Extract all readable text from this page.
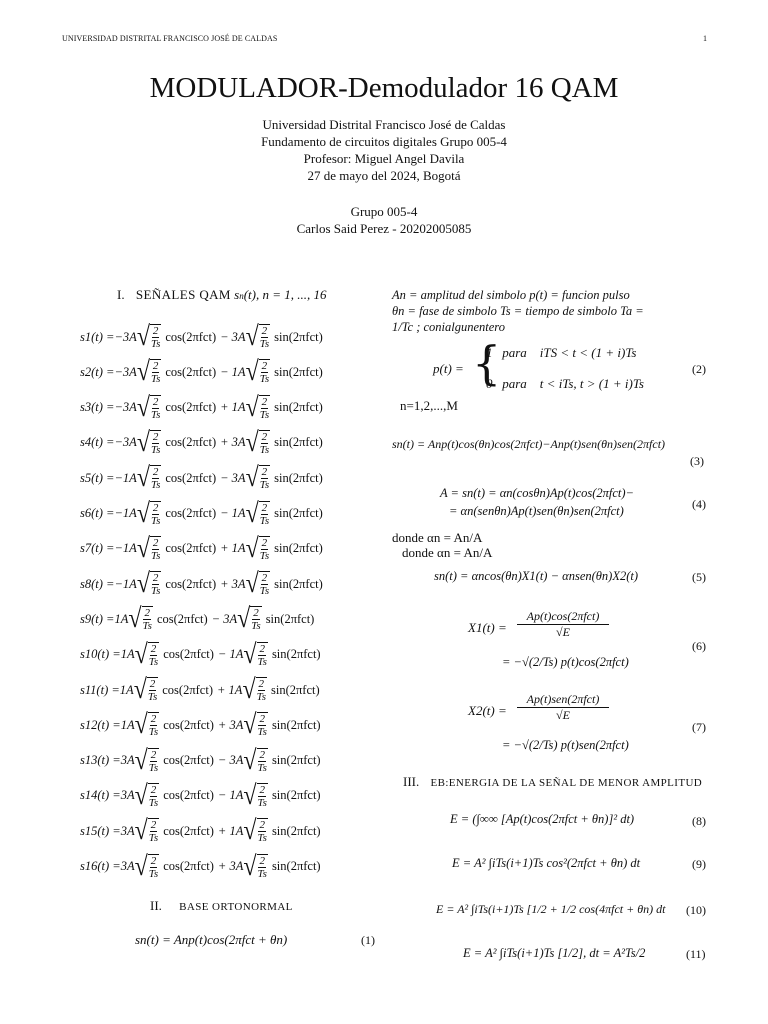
UNIVERSIDAD DISTRITAL FRANCISCO JOSÉ DE CALDAS	1
MODULADOR-Demodulador 16 QAM
Universidad Distrital Francisco José de Caldas
Fundamento de circuitos digitales Grupo 005-4
Profesor: Miguel Angel Davila
27 de mayo del 2024, Bogotá
Grupo 005-4
Carlos Said Perez - 20202005085
I. SEÑALES QAM sn(t), n = 1, ..., 16
s1(t) = −3A √ $\frac{2}{Ts} \cos(2\pi fct) - 3A$ √ $\frac{2}{Ts} \sin(2\pi fct)$
s2(t) = −3A √ $\frac{2}{Ts} \cos(2\pi fct) - 1A$ √ $\frac{2}{Ts} \sin(2\pi fct)$
s3(t) = −3A √ $\frac{2}{Ts} \cos(2\pi fct) + 1A$ √ $\frac{2}{Ts} \sin(2\pi fct)$
s4(t) = −3A √ $\frac{2}{Ts} \cos(2\pi fct) + 3A$ √ $\frac{2}{Ts} \sin(2\pi fct)$
s5(t) = −1A √ $\frac{2}{Ts} \cos(2\pi fct) - 3A$ √ $\frac{2}{Ts} \sin(2\pi fct)$
s6(t) = −1A √ $\frac{2}{Ts} \cos(2\pi fct) - 1A$ √ $\frac{2}{Ts} \sin(2\pi fct)$
s7(t) = −1A √ $\frac{2}{Ts} \cos(2\pi fct) + 1A$ √ $\frac{2}{Ts} \sin(2\pi fct)$
s8(t) = −1A √ $\frac{2}{Ts} \cos(2\pi fct) + 3A$ √ $\frac{2}{Ts} \sin(2\pi fct)$
s9(t) = 1A √ $\frac{2}{Ts} \cos(2\pi fct) - 3A$ √ $\frac{2}{Ts} \sin(2\pi fct)$
s10(t) = 1A √ $\frac{2}{Ts} \cos(2\pi fct) - 1A$ √ $\frac{2}{Ts} \sin(2\pi fct)$
s11(t) = 1A √ $\frac{2}{Ts} \cos(2\pi fct) + 1A$ √ $\frac{2}{Ts} \sin(2\pi fct)$
s12(t) = 1A √ $\frac{2}{Ts} \cos(2\pi fct) + 3A$ √ $\frac{2}{Ts} \sin(2\pi fct)$
s13(t) = 3A √ $\frac{2}{Ts} \cos(2\pi fct) - 3A$ √ $\frac{2}{Ts} \sin(2\pi fct)$
s14(t) = 3A √ $\frac{2}{Ts} \cos(2\pi fct) - 1A$ √ $\frac{2}{Ts} \sin(2\pi fct)$
s15(t) = 3A √ $\frac{2}{Ts} \cos(2\pi fct) + 1A$ √ $\frac{2}{Ts} \sin(2\pi fct)$
s16(t) = 3A √ $\frac{2}{Ts} \cos(2\pi fct) + 3A$ √ $\frac{2}{Ts} \sin(2\pi fct)$
II. BASE ORTONORMAL
sn(t) = Anp(t)cos(2πfct + θn)	(1)
An = amplitud del simbolo p(t) = funcion pulso
θn = fase de simbolo Ts = tiempo de simbolo Ta =
1/Tc ; conialgunentero
p(t) = {
1   para    iTS < t < (1 + i)Ts
0   para    t < iTs, t > (1 + i)Ts
(2)
n=1,2,...,M
sn(t) = Anp(t)cos(θn)cos(2πfct)−Anp(t)sen(θn)sen(2πfct)
(3)
A = sn(t) = αn(cosθn)Ap(t)cos(2πfct)−
= αn(senθn)Ap(t)sen(θn)sen(2πfct)	(4)
donde αn = An/A
donde αn = An/A
sn(t) = αncos(θn)X1(t) − αnsen(θn)X2(t)	(5)
X1(t) =
Ap(t)cos(2πfct)
√E
= −√(2/Ts) p(t)cos(2πfct)
(6)
X2(t) =
Ap(t)sen(2πfct)
√E
= −√(2/Ts) p(t)sen(2πfct)
(7)
III. EB:ENERGIA DE LA SEÑAL DE MENOR AMPLITUD
E = (∫∞∞ [Ap(t)cos(2πfct + θn)]² dt)	(8)
E = A² ∫iTs(i+1)Ts cos²(2πfct + θn) dt	(9)
E = A² ∫iTs(i+1)Ts [1/2 + 1/2 cos(4πfct + θn) dt (10)
E = A² ∫iTs(i+1)Ts [1/2], dt = A²Ts/2	(11)
